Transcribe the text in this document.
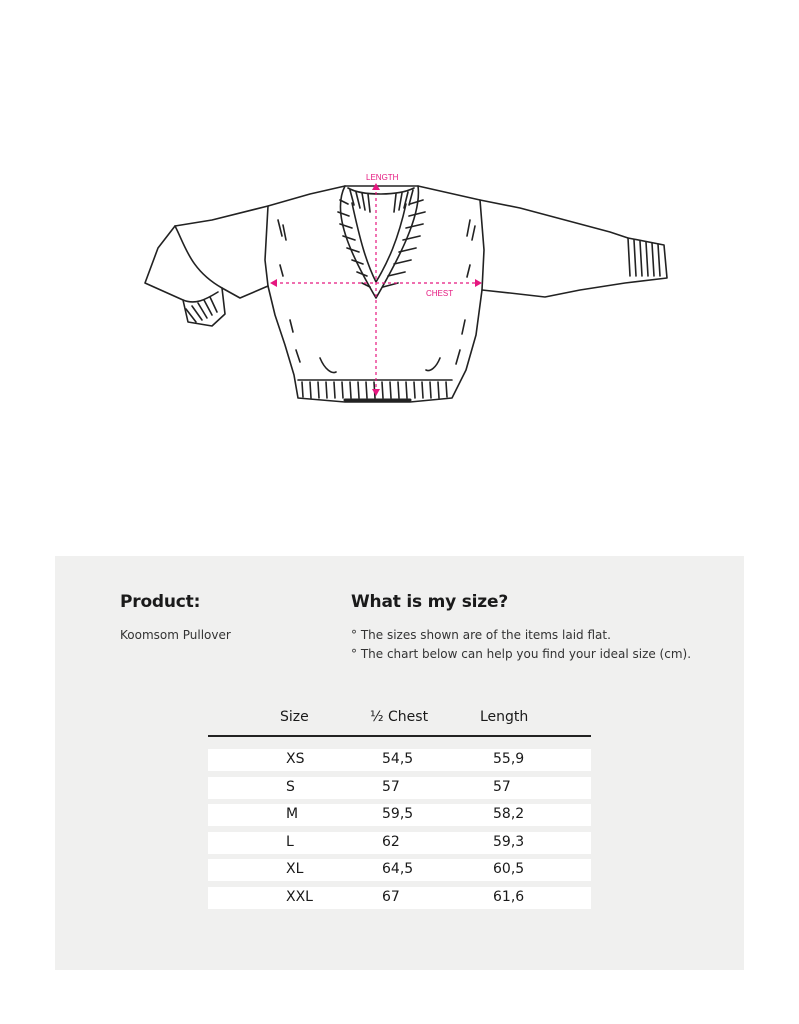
LENGTH
CHEST
Product:
Koomsom Pullover
What is my size?
° The sizes shown are of the items laid flat.
° The chart below can help you find your ideal size (cm).
Size	½ Chest	Length
XS	54,5	55,9
S	57	57
M	59,5	58,2
L	62	59,3
XL	64,5	60,5
XXL	67	61,6
